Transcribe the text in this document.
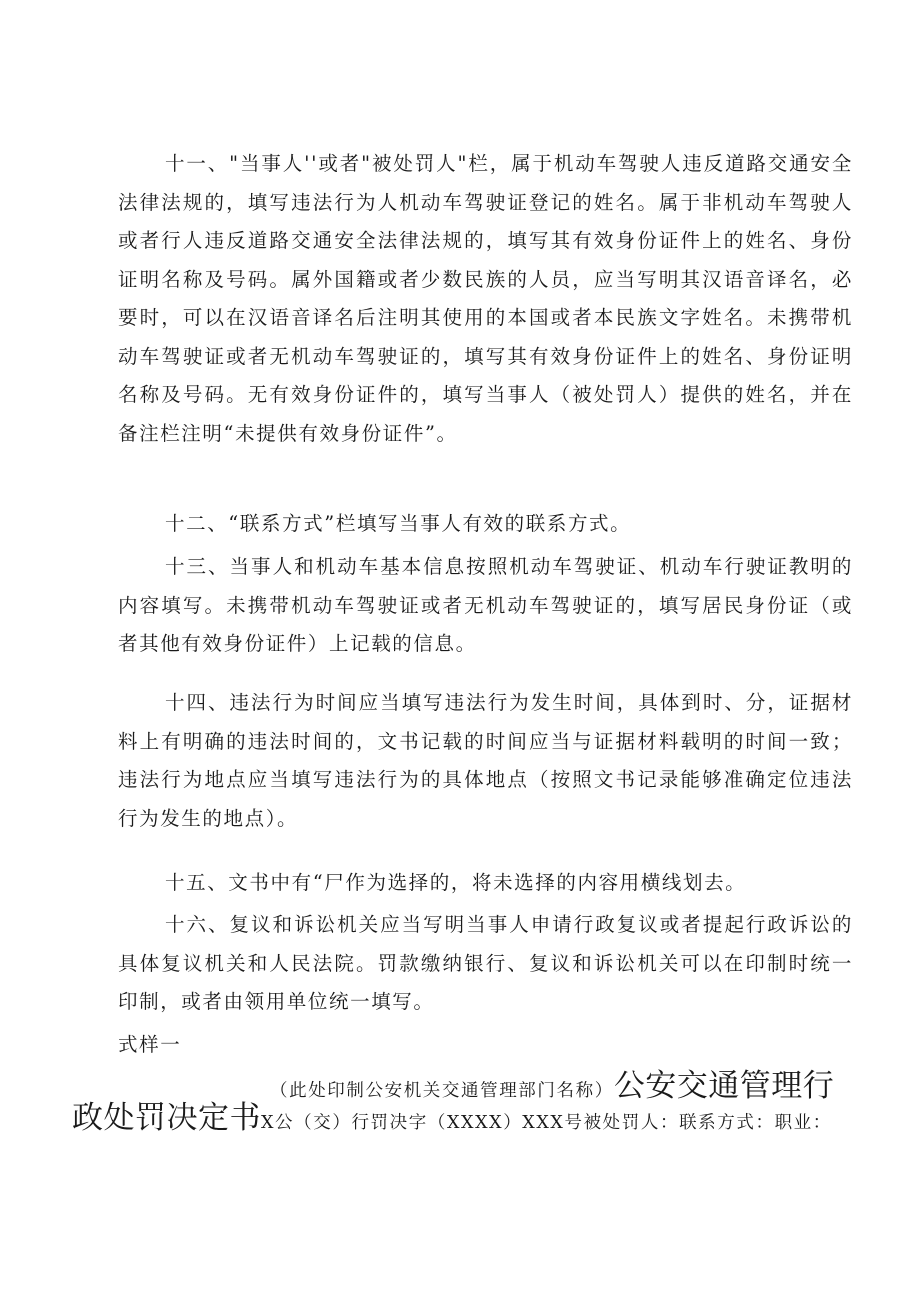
十一、"当事人''或者"被处罚人"栏，属于机动车驾驶人违反道路交通安全法律法规的，填写违法行为人机动车驾驶证登记的姓名。属于非机动车驾驶人或者行人违反道路交通安全法律法规的，填写其有效身份证件上的姓名、身份证明名称及号码。属外国籍或者少数民族的人员，应当写明其汉语音译名，必要时，可以在汉语音译名后注明其使用的本国或者本民族文字姓名。未携带机动车驾驶证或者无机动车驾驶证的，填写其有效身份证件上的姓名、身份证明名称及号码。无有效身份证件的，填写当事人（被处罚人）提供的姓名，并在备注栏注明“未提供有效身份证件”。

十二、“联系方式”栏填写当事人有效的联系方式。

十三、当事人和机动车基本信息按照机动车驾驶证、机动车行驶证教明的内容填写。未携带机动车驾驶证或者无机动车驾驶证的，填写居民身份证（或者其他有效身份证件）上记载的信息。

十四、违法行为时间应当填写违法行为发生时间，具体到时、分，证据材料上有明确的违法时间的，文书记载的时间应当与证据材料载明的时间一致；违法行为地点应当填写违法行为的具体地点（按照文书记录能够准确定位违法行为发生的地点）。

十五、文书中有“尸作为选择的，将未选择的内容用横线划去。

十六、复议和诉讼机关应当写明当事人申请行政复议或者提起行政诉讼的具体复议机关和人民法院。罚款缴纳银行、复议和诉讼机关可以在印制时统一印制，或者由领用单位统一填写。

式样一
（此处印制公安机关交通管理部门名称）公安交通管理行
政处罚决定书X公（交）行罚决字（XXXX）XXX号被处罚人：联系方式：职业：
